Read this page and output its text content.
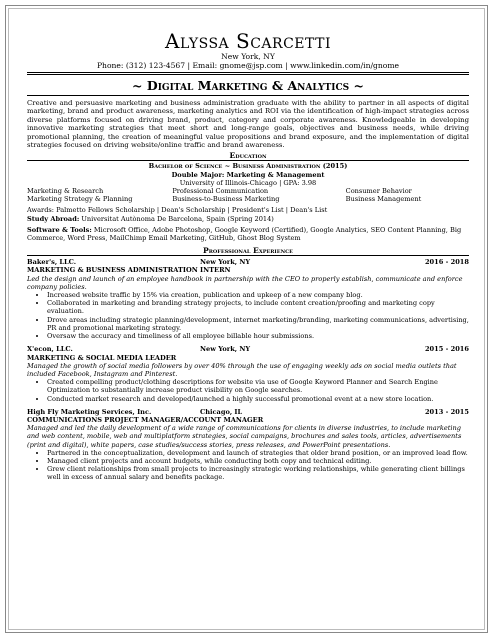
Alyssa Scarcetti
New York, NY
Phone: (312) 123-4567 | Email: gnome@jsp.com | www.linkedin.com/in/gnome
~ Digital Marketing & Analytics ~
Creative and persuasive marketing and business administration graduate with the ability to partner in all aspects of digital marketing, brand and product awareness, marketing analytics and ROI via the identification of high-impact strategies across diverse platforms focused on driving brand, product, category and corporate awareness. Knowledgeable in developing innovative marketing strategies that meet short and long-range goals, objectives and business needs, while driving promotional planning, the creation of meaningful value propositions and brand exposure, and the implementation of digital strategies focused on driving website/online traffic and brand awareness.
Education
Bachelor of Science ~ Business Administration (2015)
Double Major: Marketing & Management
University of Illinois-Chicago | GPA: 3.98
Marketing & Research	Professional Communication	Consumer Behavior
Marketing Strategy & Planning	Business-to-Business Marketing	Business Management
Awards: Palmetto Fellows Scholarship | Dean's Scholarship | President's List | Dean's List
Study Abroad: Universitat Autònoma De Barcelona, Spain (Spring 2014)
Software & Tools: Microsoft Office, Adobe Photoshop, Google Keyword (Certified), Google Analytics, SEO Content Planning, Big Commerce, Word Press, MailChimp Email Marketing, GitHub, Ghost Blog System
Professional Experience
Baker's, LLC.	New York, NY	2016 - 2018
MARKETING & BUSINESS ADMINISTRATION INTERN
Led the design and launch of an employee handbook in partnership with the CEO to properly establish, communicate and enforce company policies.
• Increased website traffic by 15% via creation, publication and upkeep of a new company blog.
• Collaborated in marketing and branding strategy projects, to include content creation/proofing and marketing copy evaluation.
• Drove areas including strategic planning/development, internet marketing/branding, marketing communications, advertising, PR and promotional marketing strategy.
• Oversaw the accuracy and timeliness of all employee billable hour submissions.
X'econ, LLC.	New York, NY	2015 - 2016
MARKETING & SOCIAL MEDIA LEADER
Managed the growth of social media followers by over 40% through the use of engaging weekly ads on social media outlets that included Facebook, Instagram and Pinterest.
• Created compelling product/clothing descriptions for website via use of Google Keyword Planner and Search Engine Optimization to substantially increase product visibility on Google searches.
• Conducted market research and developed/launched a highly successful promotional event at a new store location.
High Fly Marketing Services, Inc.	Chicago, IL	2013 - 2015
COMMUNICATIONS PROJECT MANAGER/ACCOUNT MANAGER
Managed and led the daily development of a wide range of communications for clients in diverse industries, to include marketing and web content, mobile, web and multiplatform strategies, social campaigns, brochures and sales tools, articles, advertisements (print and digital), white papers, case studies/success stories, press releases, and PowerPoint presentations.
• Partnered in the conceptualization, development and launch of strategies that older brand position, or an improved lead flow.
• Managed client projects and account budgets, while conducting both copy and technical editing.
• Grew client relationships from small projects to increasingly strategic working relationships, while generating client billings well in excess of annual salary and benefits package.
